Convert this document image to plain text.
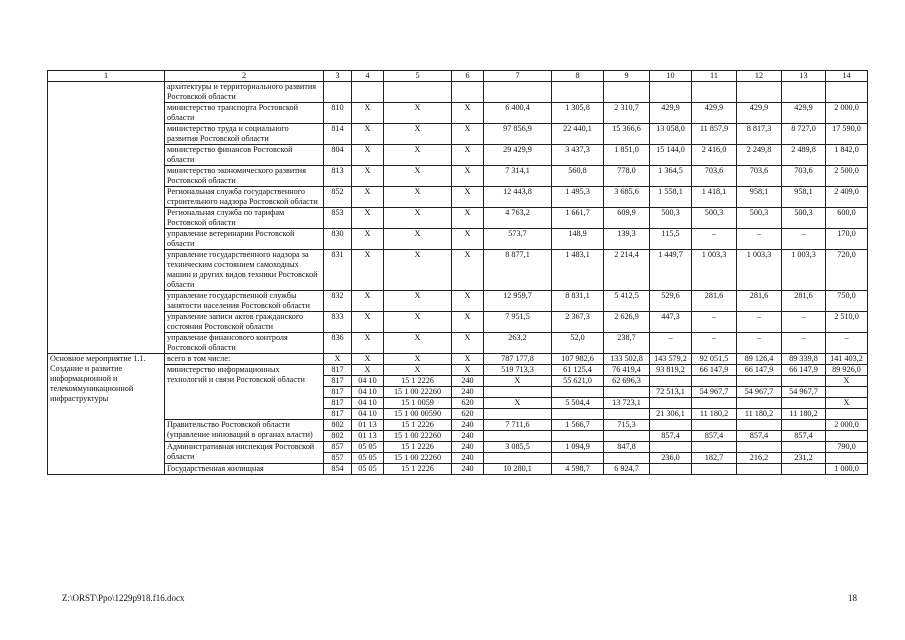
1	2	3	4	5	6	7	8	9	10	11	12	13	14
	архитектуры и территориального развития Ростовской области												
	министерство транспорта Ростовской области	810	Х	Х	Х	6 400,4	1 305,8	2 310,7	429,9	429,9	429,9	429,9	2 000,0
	министерство труда и социального развития Ростовской области	814	Х	Х	Х	97 856,9	22 440,1	15 366,6	13 058,0	11 857,9	8 817,3	8 727,0	17 590,0
	министерство финансов Ростовской области	804	Х	Х	Х	29 429,9	3 437,3	1 851,0	15 144,0	2 416,0	2 249,8	2 489,8	1 842,0
	министерство экономического развития Ростовской области	813	Х	Х	Х	7 314,1	560,8	778,0	1 364,5	703,6	703,6	703,6	2 500,0
	Региональная служба государственного строительного надзора Ростовской области	852	Х	Х	Х	12 443,8	1 495,3	3 685,6	1 558,1	1 418,1	958,1	958,1	2 409,0
	Региональная служба по тарифам Ростовской области	853	Х	Х	Х	4 763,2	1 661,7	609,9	500,3	500,3	500,3	500,3	600,0
	управление ветеринарии Ростовской области	830	Х	Х	Х	573,7	148,9	139,3	115,5	–	–	–	170,0
	управление государственного надзора за техническим состоянием самоходных машин и других видов техники Ростовской области	831	Х	Х	Х	8 877,1	1 483,1	2 214,4	1 449,7	1 003,3	1 003,3	1 003,3	720,0
	управление государственной службы занятости населения Ростовской области	832	Х	Х	Х	12 959,7	8 831,1	5 412,5	529,6	281,6	281,6	281,6	750,0
	управление записи актов гражданского состояния Ростовской области	833	Х	Х	Х	7 951,5	2 367,3	2 626,9	447,3	–	–	–	2 510,0
	управление финансового контроля Ростовской области	836	Х	Х	Х	263,2	52,0	238,7	–	–	–	–	–
Основное мероприятие 1.1. Создание и развитие информационной и телекоммуникационной инфраструктуры	всего в том числе:	Х	Х	Х	Х	787 177,8	107 982,6	133 502,8	143 579,2	92 051,5	89 126,4	89 339,8	141 403,2
	министерство информационных технологий и связи Ростовской области	817	Х	Х	Х	519 713,3	61 125,4	76 419,4	93 819,2	66 147,9	66 147,9	66 147,9	89 926,0
		817	04 10	15 1 2226	240	Х	55 621,0	62 696,3					Х
		817	04 10	15 1 00 22260	240				72 513,1	54 967,7	54 967,7	54 967,7	
		817	04 10	15 1 0059	620	Х	5 504,4	13 723,1					Х
		817	04 10	15 1 00 00590	620				21 306,1	11 180,2	11 180,2	11 180,2	
	Правительство Ростовской области (управление инноваций в органах власти)	802	01 13	15 1 2226	240	7 711,6	1 566,7	715,3					2 000,0
		802	01 13	15 1 00 22260	240				857,4	857,4	857,4	857,4	
	Административная инспекция Ростовской области	857	05 05	15 1 2226	240	3 085,5	1 094,9	847,8					790,0
		857	05 05	15 1 00 22260	240				236,0	182,7	216,2	231,2	
	Государственная жилищная	854	05 05	15 1 2226	240	10 280,1	4 598,7	6 924,7					1 000,0
Z:\ORST\Ppo\1229p918.f16.docx	18
